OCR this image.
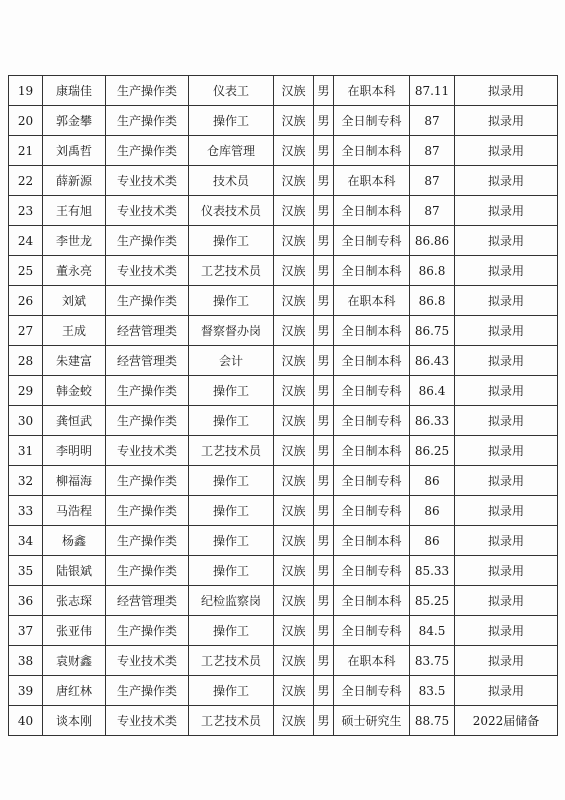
19	康瑞佳	生产操作类	仪表工	汉族	男	在职本科	87.11	拟录用
20	郭金攀	生产操作类	操作工	汉族	男	全日制专科	87	拟录用
21	刘禹哲	生产操作类	仓库管理	汉族	男	全日制本科	87	拟录用
22	薛新源	专业技术类	技术员	汉族	男	在职本科	87	拟录用
23	王有旭	专业技术类	仪表技术员	汉族	男	全日制本科	87	拟录用
24	李世龙	生产操作类	操作工	汉族	男	全日制专科	86.86	拟录用
25	董永亮	专业技术类	工艺技术员	汉族	男	全日制本科	86.8	拟录用
26	刘斌	生产操作类	操作工	汉族	男	在职本科	86.8	拟录用
27	王成	经营管理类	督察督办岗	汉族	男	全日制本科	86.75	拟录用
28	朱建富	经营管理类	会计	汉族	男	全日制本科	86.43	拟录用
29	韩金蛟	生产操作类	操作工	汉族	男	全日制专科	86.4	拟录用
30	龚恒武	生产操作类	操作工	汉族	男	全日制专科	86.33	拟录用
31	李明明	专业技术类	工艺技术员	汉族	男	全日制本科	86.25	拟录用
32	柳福海	生产操作类	操作工	汉族	男	全日制专科	86	拟录用
33	马浩程	生产操作类	操作工	汉族	男	全日制专科	86	拟录用
34	杨鑫	生产操作类	操作工	汉族	男	全日制本科	86	拟录用
35	陆银斌	生产操作类	操作工	汉族	男	全日制专科	85.33	拟录用
36	张志琛	经营管理类	纪检监察岗	汉族	男	全日制本科	85.25	拟录用
37	张亚伟	生产操作类	操作工	汉族	男	全日制专科	84.5	拟录用
38	袁财鑫	专业技术类	工艺技术员	汉族	男	在职本科	83.75	拟录用
39	唐红林	生产操作类	操作工	汉族	男	全日制专科	83.5	拟录用
40	谈本刚	专业技术类	工艺技术员	汉族	男	硕士研究生	88.75	2022届储备
